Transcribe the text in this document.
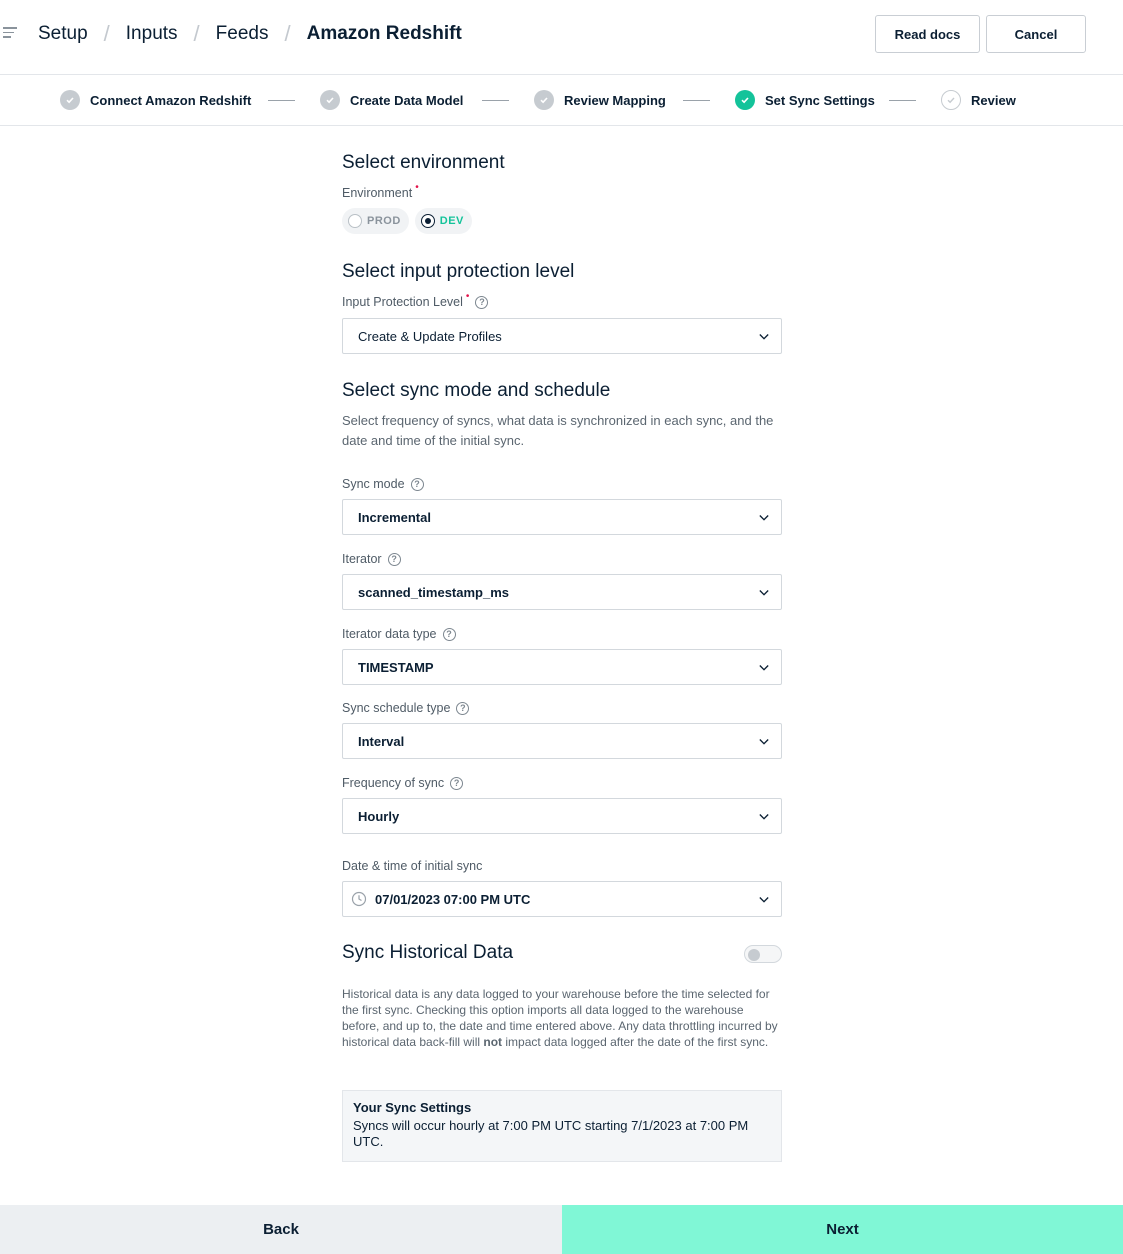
Setup / Inputs / Feeds / Amazon Redshift	Read docs	Cancel
Connect Amazon Redshift	Create Data Model	Review Mapping	Set Sync Settings	Review
Select environment
Environment •
PROD	DEV
Select input protection level
Input Protection Level •
?
Create & Update Profiles
Select sync mode and schedule
Select frequency of syncs, what data is synchronized in each sync, and the date and time of the initial sync.
Sync mode	?
Incremental
Iterator	?
scanned_timestamp_ms
Iterator data type	?
TIMESTAMP
Sync schedule type	?
Interval
Frequency of sync	?
Hourly
Date & time of initial sync
07/01/2023 07:00 PM UTC
Sync Historical Data
Historical data is any data logged to your warehouse before the time selected for the first sync. Checking this option imports all data logged to the warehouse before, and up to, the date and time entered above. Any data throttling incurred by historical data back-fill will not impact data logged after the date of the first sync.
Your Sync Settings
Syncs will occur hourly at 7:00 PM UTC starting 7/1/2023 at 7:00 PM UTC.
Back	Next
